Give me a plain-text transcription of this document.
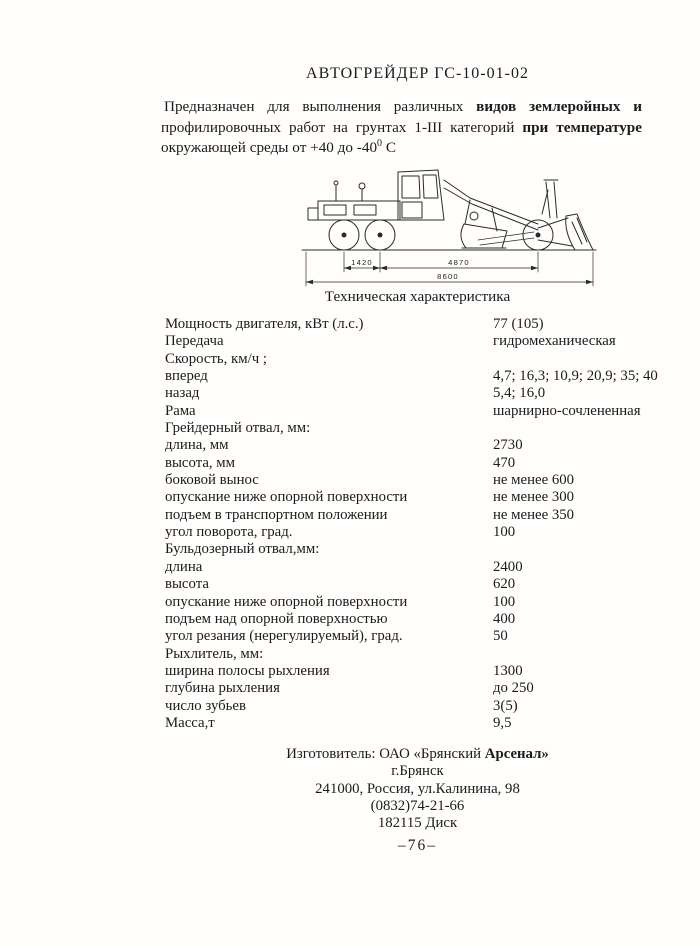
АВТОГРЕЙДЕР ГС-10-01-02

Предназначен для выполнения различных видов землеройных и профилировочных работ на грунтах 1-III категорий при температуре окружающей среды от +40 до $-40^0$ С

1420	4870
8600
Техническая характеристика
Мощность двигателя, кВт (л.с.)	77 (105)
Передача	гидромеханическая
Скорость, км/ч ;
вперед	4,7; 16,3; 10,9; 20,9; 35; 40
назад	5,4; 16,0
Рама	шарнирно-сочлененная
Грейдерный отвал, мм:
длина, мм	2730
высота, мм	470
боковой вынос	не менее 600
опускание ниже опорной поверхности	не менее 300
подъем в транспортном положении	не менее 350
угол поворота, град.	100
Бульдозерный отвал,мм:
длина	2400
высота	620
опускание ниже опорной поверхности	100
подъем над опорной поверхностью	400
угол резания (нерегулируемый), град.	50
Рыхлитель, мм:
ширина полосы рыхления	1300
глубина рыхления	до 250
число зубьев	3(5)
Масса,т	9,5
Изготовитель: ОАО «Брянский Арсенал»
г.Брянск
241000, Россия, ул.Калинина, 98
(0832)74-21-66
182115 Диск
–76–
